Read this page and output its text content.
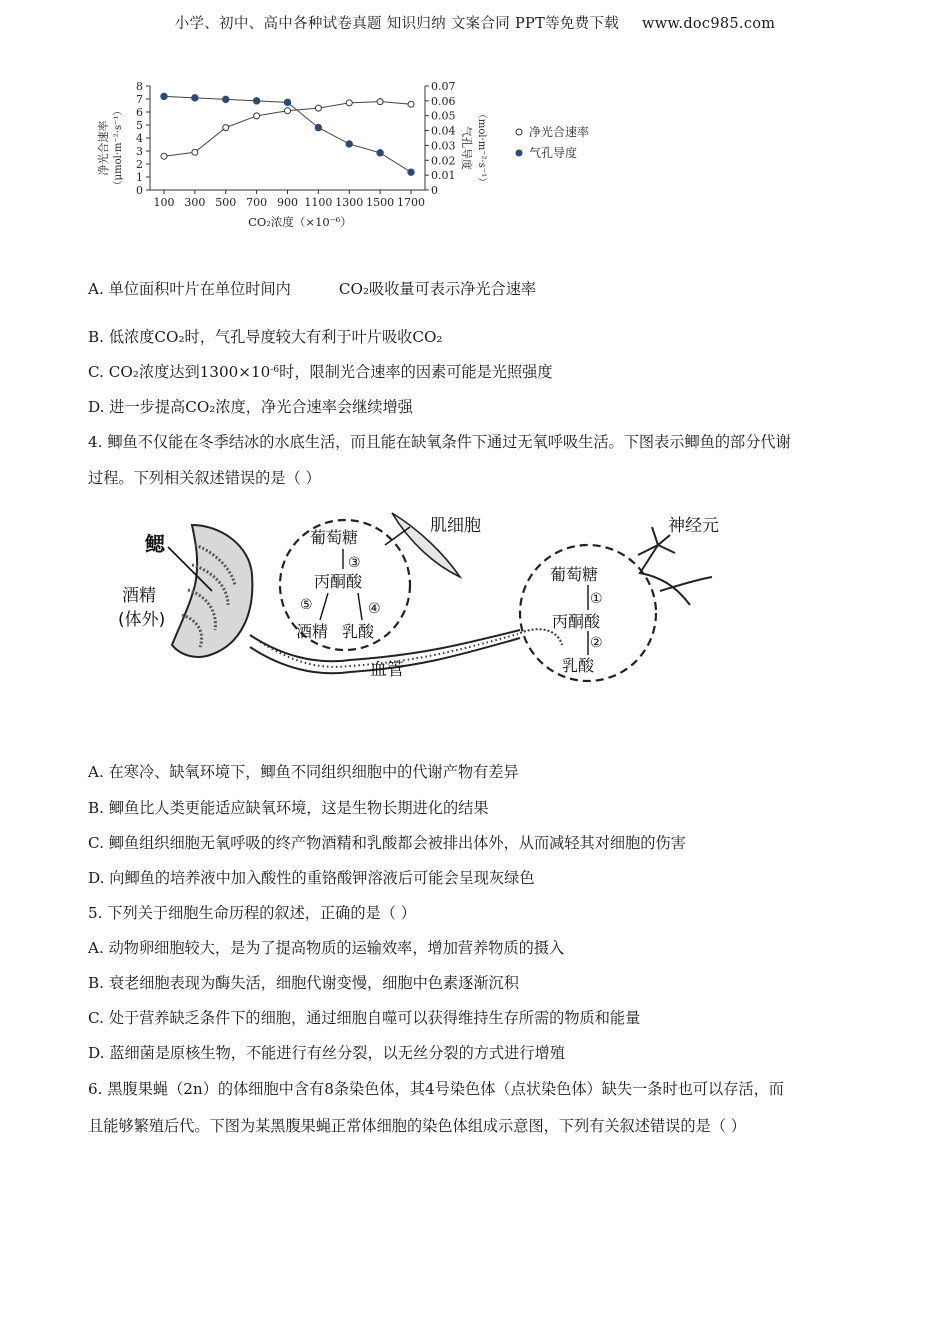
小学、初中、高中各种试卷真题 知识归纳 文案合同 PPT等免费下载 www.doc985.com
0
1
2
3
4
5
6
7
8
0
0.01
0.02
0.03
0.04
0.05
0.06
0.07
100 300 500 700 900 1100 1300 1500 1700
CO₂浓度（×10⁻⁶）
净光合速率 （μmol·m⁻²·s⁻¹）	气孔导度 （mol·m⁻²·s⁻¹）	净光合速率
气孔导度
A. 单位面积叶片在单位时间内	CO₂吸收量可表示净光合速率
B. 低浓度CO₂时，气孔导度较大有利于叶片吸收CO₂
C. CO₂浓度达到$1300\times 10^{-6}$时，限制光合速率的因素可能是光照强度
D. 进一步提高CO₂浓度，净光合速率会继续增强
4. 鲫鱼不仅能在冬季结冰的水底生活，而且能在缺氧条件下通过无氧呼吸生活。下图表示鲫鱼的部分代谢
过程。下列相关叙述错误的是（ ）
鳃
酒精
(体外)
血管
葡萄糖
③
丙酮酸
⑤	④
酒精 乳酸
肌细胞
葡萄糖
①
丙酮酸
②
乳酸
神经元
A. 在寒冷、缺氧环境下，鲫鱼不同组织细胞中的代谢产物有差异
B. 鲫鱼比人类更能适应缺氧环境，这是生物长期进化的结果
C. 鲫鱼组织细胞无氧呼吸的终产物酒精和乳酸都会被排出体外，从而减轻其对细胞的伤害
D. 向鲫鱼的培养液中加入酸性的重铬酸钾溶液后可能会呈现灰绿色
5. 下列关于细胞生命历程的叙述，正确的是（ ）
A. 动物卵细胞较大，是为了提高物质的运输效率，增加营养物质的摄入
B. 衰老细胞表现为酶失活，细胞代谢变慢，细胞中色素逐渐沉积
C. 处于营养缺乏条件下的细胞，通过细胞自噬可以获得维持生存所需的物质和能量
D. 蓝细菌是原核生物，不能进行有丝分裂，以无丝分裂的方式进行增殖
6. 黑腹果蝇（2n）的体细胞中含有8条染色体，其4号染色体（点状染色体）缺失一条时也可以存活，而
且能够繁殖后代。下图为某黑腹果蝇正常体细胞的染色体组成示意图，下列有关叙述错误的是（ ）
